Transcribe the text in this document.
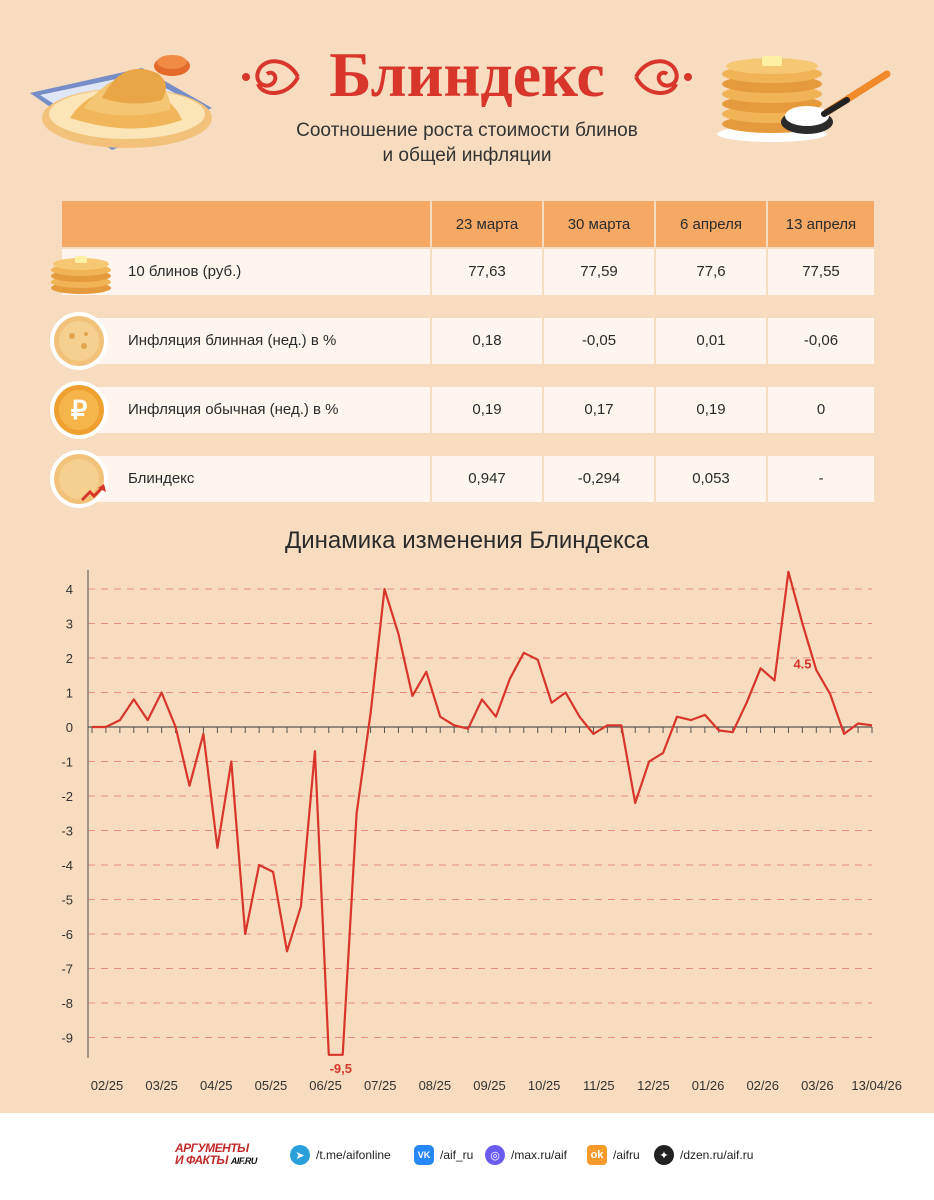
Блиндекс
Соотношение роста стоимости блинов
и общей инфляции
23 марта	30 марта	6 апреля	13 апреля
10 блинов (руб.)	77,63	77,59	77,6	77,55
Инфляция блинная (нед.) в %	0,18	-0,05	0,01	-0,06
₽	Инфляция обычная (нед.) в %	0,19	0,17	0,19	0
Блиндекс	0,947	-0,294	0,053	-
Динамика изменения Блиндекса
4
3
2
1
0
-1
-2
-3
-4
-5
-6
-7
-8
-9
02/25 03/25 04/25 05/25 06/25 07/25 08/25 09/25 10/25 11/25 12/25 01/26 02/26 03/26 13/04/26
4.5
-9,5
АРГУМЕНТЫ
И ФАКТЫ AIF.RU	➤ /t.me/aifonline	VK /aif_ru	◎ /max.ru/aif	ok /aifru	✦ /dzen.ru/aif.ru
